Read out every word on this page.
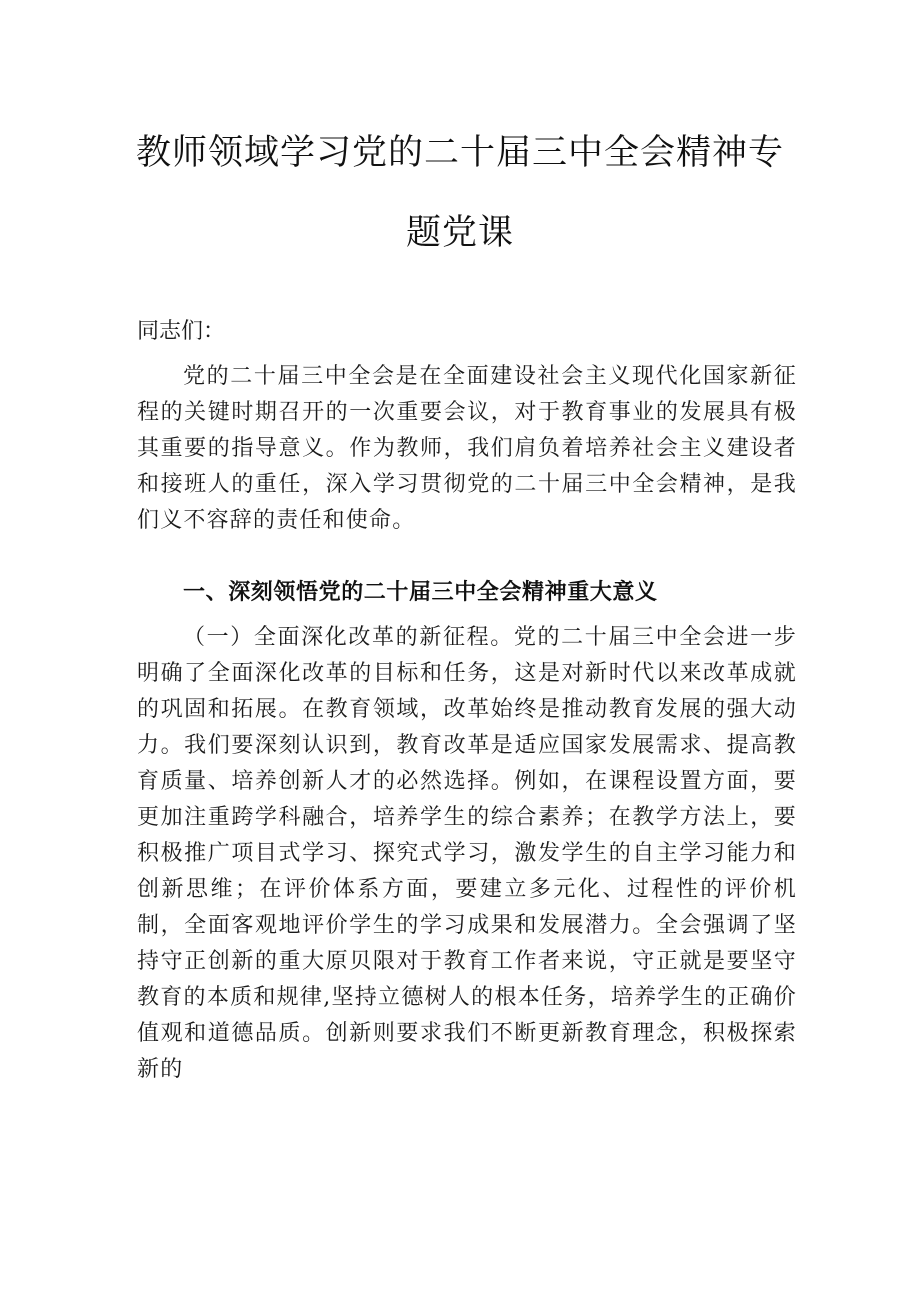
教师领域学习党的二十届三中全会精神专
题党课
同志们：

党的二十届三中全会是在全面建设社会主义现代化国家新征程的关键时期召开的一次重要会议，对于教育事业的发展具有极其重要的指导意义。作为教师，我们肩负着培养社会主义建设者和接班人的重任，深入学习贯彻党的二十届三中全会精神，是我们义不容辞的责任和使命。

一、深刻领悟党的二十届三中全会精神重大意义

（一）全面深化改革的新征程。党的二十届三中全会进一步明确了全面深化改革的目标和任务，这是对新时代以来改革成就的巩固和拓展。在教育领域，改革始终是推动教育发展的强大动力。我们要深刻认识到，教育改革是适应国家发展需求、提高教育质量、培养创新人才的必然选择。例如，在课程设置方面，要更加注重跨学科融合，培养学生的综合素养；在教学方法上，要积极推广项目式学习、探究式学习，激发学生的自主学习能力和创新思维；在评价体系方面，要建立多元化、过程性的评价机制，全面客观地评价学生的学习成果和发展潜力。全会强调了坚持守正创新的重大原贝限对于教育工作者来说，守正就是要坚守教育的本质和规律,坚持立德树人的根本任务，培养学生的正确价值观和道德品质。创新则要求我们不断更新教育理念，积极探索新的
